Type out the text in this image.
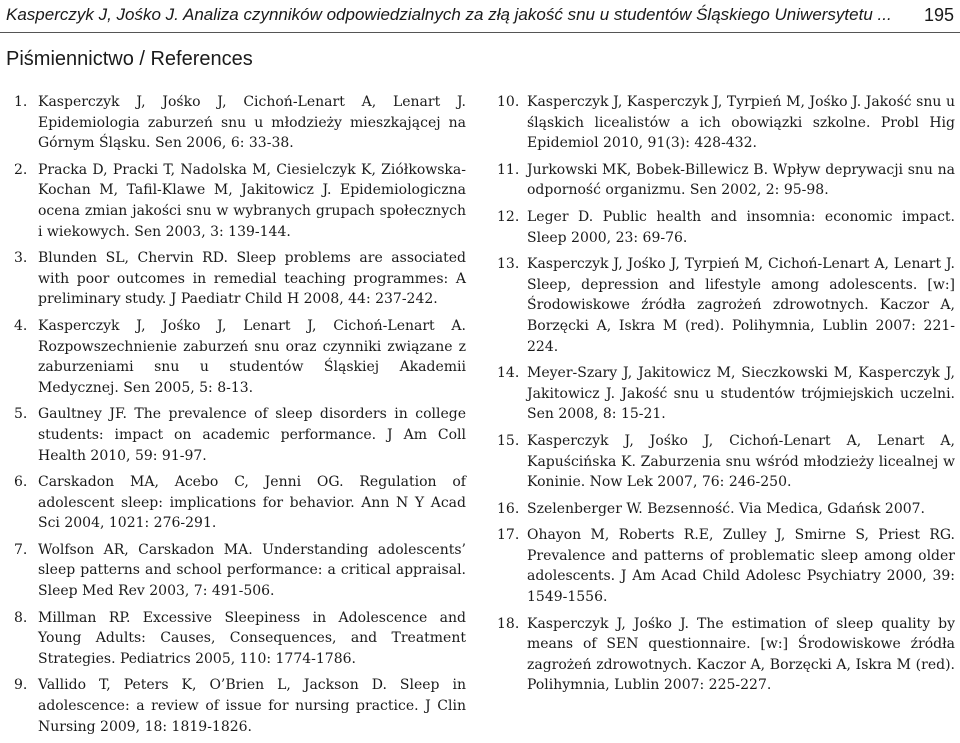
Kasperczyk J, Jośko J. Analiza czynników odpowiedzialnych za złą jakość snu u studentów Śląskiego Uniwersytetu ... 195
Piśmiennictwo / References
1. Kasperczyk J, Jośko J, Cichoń-Lenart A, Lenart J. Epidemiologia zaburzeń snu u młodzieży mieszkającej na Górnym Śląsku. Sen 2006, 6: 33-38.
2. Pracka D, Pracki T, Nadolska M, Ciesielczyk K, Ziółkowska-Kochan M, Tafil-Klawe M, Jakitowicz J. Epidemiologiczna ocena zmian jakości snu w wybranych grupach społecznych i wiekowych. Sen 2003, 3: 139-144.
3. Blunden SL, Chervin RD. Sleep problems are associated with poor outcomes in remedial teaching programmes: A preliminary study. J Paediatr Child H 2008, 44: 237-242.
4. Kasperczyk J, Jośko J, Lenart J, Cichoń-Lenart A. Rozpowszechnienie zaburzeń snu oraz czynniki związane z zaburzeniami snu u studentów Śląskiej Akademii Medycznej. Sen 2005, 5: 8-13.
5. Gaultney JF. The prevalence of sleep disorders in college students: impact on academic performance. J Am Coll Health 2010, 59: 91-97.
6. Carskadon MA, Acebo C, Jenni OG. Regulation of adolescent sleep: implications for behavior. Ann N Y Acad Sci 2004, 1021: 276-291.
7. Wolfson AR, Carskadon MA. Understanding adolescents’ sleep patterns and school performance: a critical appraisal. Sleep Med Rev 2003, 7: 491-506.
8. Millman RP. Excessive Sleepiness in Adolescence and Young Adults: Causes, Consequences, and Treatment Strategies. Pediatrics 2005, 110: 1774-1786.
9. Vallido T, Peters K, O’Brien L, Jackson D. Sleep in adolescence: a review of issue for nursing practice. J Clin Nursing 2009, 18: 1819-1826.
10. Kasperczyk J, Kasperczyk J, Tyrpień M, Jośko J. Jakość snu u śląskich licealistów a ich obowiązki szkolne. Probl Hig Epidemiol 2010, 91(3): 428-432.
11. Jurkowski MK, Bobek-Billewicz B. Wpływ deprywacji snu na odporność organizmu. Sen 2002, 2: 95-98.
12. Leger D. Public health and insomnia: economic impact. Sleep 2000, 23: 69-76.
13. Kasperczyk J, Jośko J, Tyrpień M, Cichoń-Lenart A, Lenart J. Sleep, depression and lifestyle among adolescents. [w:] Środowiskowe źródła zagrożeń zdrowotnych. Kaczor A, Borzęcki A, Iskra M (red). Polihymnia, Lublin 2007: 221-224.
14. Meyer-Szary J, Jakitowicz M, Sieczkowski M, Kasperczyk J, Jakitowicz J. Jakość snu u studentów trójmiejskich uczelni. Sen 2008, 8: 15-21.
15. Kasperczyk J, Jośko J, Cichoń-Lenart A, Lenart A, Kapuścińska K. Zaburzenia snu wśród młodzieży licealnej w Koninie. Now Lek 2007, 76: 246-250.
16. Szelenberger W. Bezsenność. Via Medica, Gdańsk 2007.
17. Ohayon M, Roberts R.E, Zulley J, Smirne S, Priest RG. Prevalence and patterns of problematic sleep among older adolescents. J Am Acad Child Adolesc Psychiatry 2000, 39: 1549-1556.
18. Kasperczyk J, Jośko J. The estimation of sleep quality by means of SEN questionnaire. [w:] Środowiskowe źródła zagrożeń zdrowotnych. Kaczor A, Borzęcki A, Iskra M (red). Polihymnia, Lublin 2007: 225-227.
